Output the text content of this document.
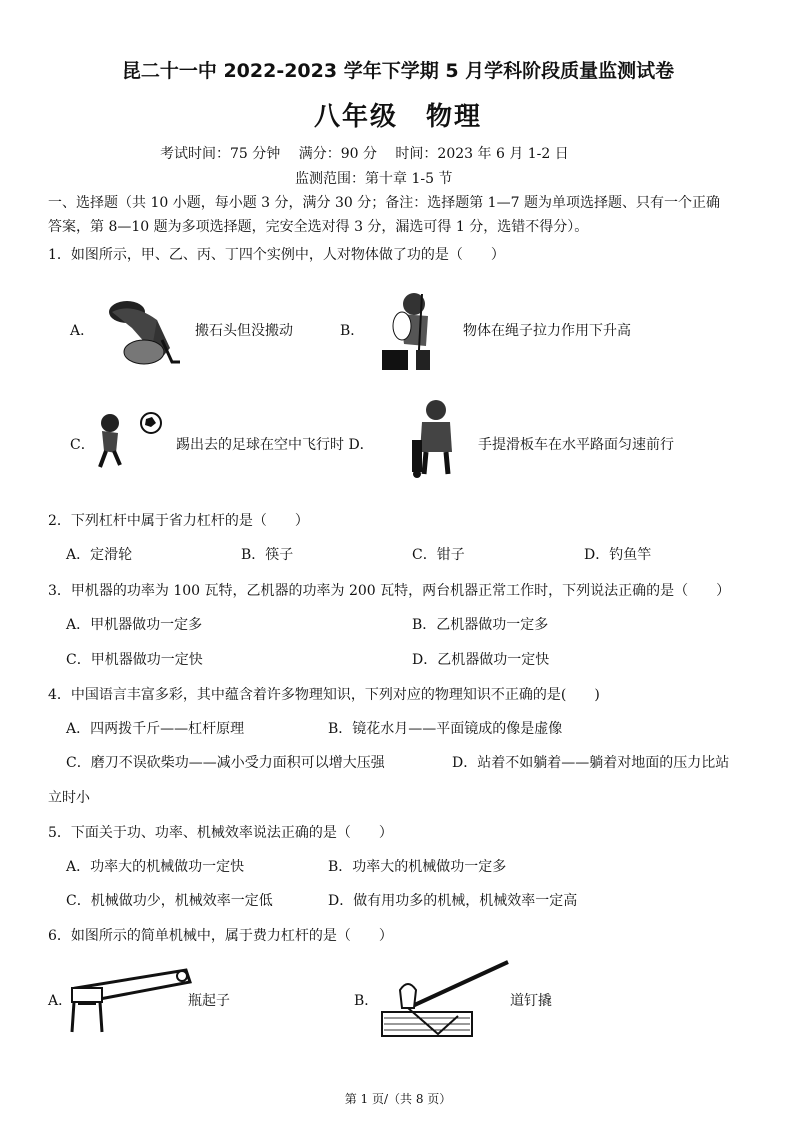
昆二十一中 2022-2023 学年下学期 5 月学科阶段质量监测试卷
八年级　物理
考试时间：75 分钟　 满分：90 分　 时间：2023 年 6 月 1-2 日
监测范围：第十章 1-5 节
一、选择题（共 10 小题，每小题 3 分，满分 30 分；备注：选择题第 1—7 题为单项选择题、只有一个正确
答案，第 8—10 题为多项选择题，完安全选对得 3 分，漏选可得 1 分，选错不得分）。
1．如图所示，甲、乙、丙、丁四个实例中，人对物体做了功的是（　　）
A．	搬石头但没搬动	B．	物体在绳子拉力作用下升高
C．	踢出去的足球在空中飞行时 D．	手提滑板车在水平路面匀速前行
2．下列杠杆中属于省力杠杆的是（　　）
A．定滑轮	B．筷子	C．钳子	D．钓鱼竿
3．甲机器的功率为 100 瓦特，乙机器的功率为 200 瓦特，两台机器正常工作时，下列说法正确的是（　　）
A．甲机器做功一定多	B．乙机器做功一定多
C．甲机器做功一定快	D．乙机器做功一定快
4．中国语言丰富多彩，其中蕴含着许多物理知识，下列对应的物理知识不正确的是(　　)
A．四两拨千斤——杠杆原理	B．镜花水月——平面镜成的像是虚像
C．磨刀不误砍柴功——减小受力面积可以增大压强	D．站着不如躺着——躺着对地面的压力比站
立时小
5．下面关于功、功率、机械效率说法正确的是（　　）
A．功率大的机械做功一定快	B．功率大的机械做功一定多
C．机械做功少，机械效率一定低	D．做有用功多的机械，机械效率一定高
6．如图所示的简单机械中，属于费力杠杆的是（　　）
A．	瓶起子	B．	道钉撬
第 1 页/（共 8 页）
